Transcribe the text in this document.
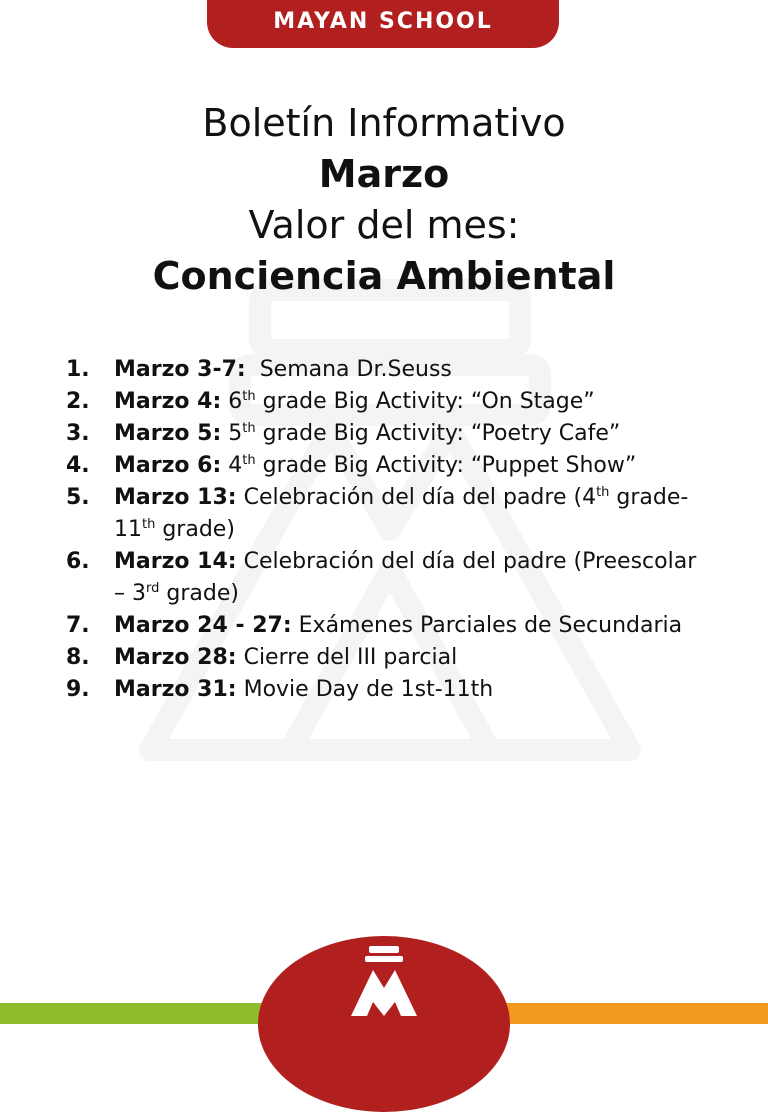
MAYAN SCHOOL
Boletín Informativo
Marzo
Valor del mes:
Conciencia Ambiental
1.	Marzo 3-7:  Semana Dr.Seuss
2.	Marzo 4: 6th grade Big Activity: “On Stage”
3.	Marzo 5: 5th grade Big Activity: “Poetry Cafe”
4.	Marzo 6: 4th grade Big Activity: “Puppet Show”
5.	Marzo 13: Celebración del día del padre (4th grade-11th grade)
6.	Marzo 14: Celebración del día del padre (Preescolar – 3rd grade)
7.	Marzo 24 - 27: Exámenes Parciales de Secundaria
8.	Marzo 28: Cierre del III parcial
9.	Marzo 31: Movie Day de 1st-11th
